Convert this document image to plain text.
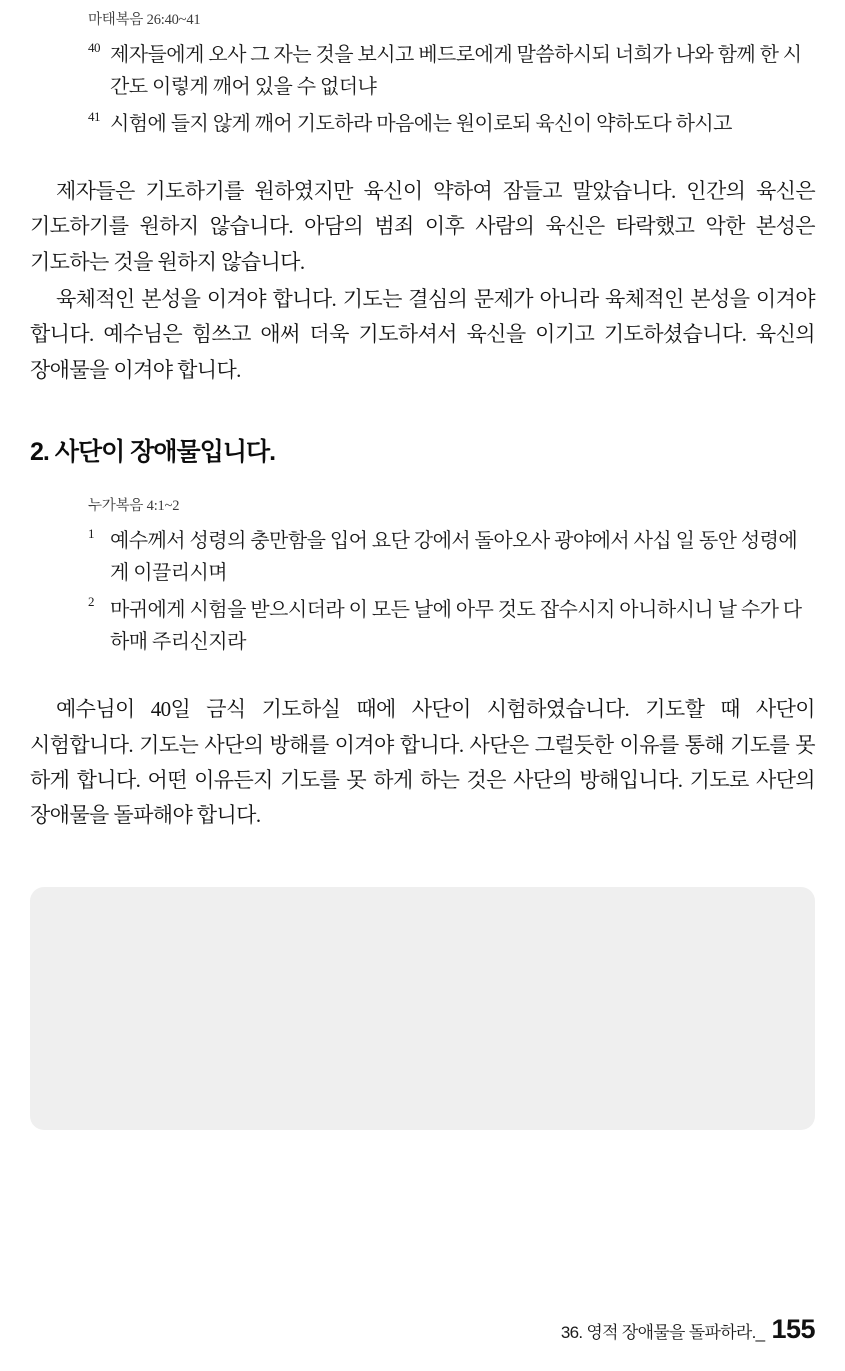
마태복음 26:40~41
40 제자들에게 오사 그 자는 것을 보시고 베드로에게 말씀하시되 너희가 나와 함께 한 시간도 이렇게 깨어 있을 수 없더냐
41 시험에 들지 않게 깨어 기도하라 마음에는 원이로되 육신이 약하도다 하시고

제자들은 기도하기를 원하였지만 육신이 약하여 잠들고 말았습니다. 인간의 육신은 기도하기를 원하지 않습니다. 아담의 범죄 이후 사람의 육신은 타락했고 악한 본성은 기도하는 것을 원하지 않습니다.

육체적인 본성을 이겨야 합니다. 기도는 결심의 문제가 아니라 육체적인 본성을 이겨야 합니다. 예수님은 힘쓰고 애써 더욱 기도하셔서 육신을 이기고 기도하셨습니다. 육신의 장애물을 이겨야 합니다.

2. 사단이 장애물입니다.
누가복음 4:1~2
1 예수께서 성령의 충만함을 입어 요단 강에서 돌아오사 광야에서 사십 일 동안 성령에게 이끌리시며
2 마귀에게 시험을 받으시더라 이 모든 날에 아무 것도 잡수시지 아니하시니 날 수가 다하매 주리신지라

예수님이 40일 금식 기도하실 때에 사단이 시험하였습니다. 기도할 때 사단이 시험합니다. 기도는 사단의 방해를 이겨야 합니다. 사단은 그럴듯한 이유를 통해 기도를 못 하게 합니다. 어떤 이유든지 기도를 못 하게 하는 것은 사단의 방해입니다. 기도로 사단의 장애물을 돌파해야 합니다.

36. 영적 장애물을 돌파하라._ 155
